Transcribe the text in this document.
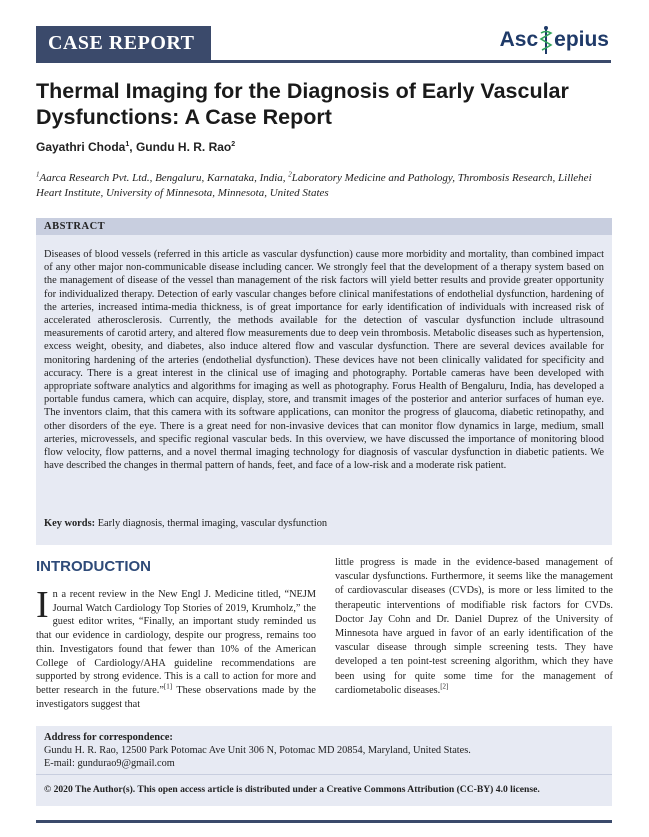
CASE REPORT	Asc epius
Thermal Imaging for the Diagnosis of Early Vascular Dysfunctions: A Case Report
Gayathri Choda$^1$, Gundu H. R. Rao$^2$
$^1$Aarca Research Pvt. Ltd., Bengaluru, Karnataka, India, $^2$Laboratory Medicine and Pathology, Thrombosis Research, Lillehei Heart Institute, University of Minnesota, Minnesota, United States
ABSTRACT
Diseases of blood vessels (referred in this article as vascular dysfunction) cause more morbidity and mortality, than combined impact of any other major non-communicable disease including cancer. We strongly feel that the development of a therapy system based on the management of disease of the vessel than management of the risk factors will yield better results and provide greater opportunity for individualized therapy. Detection of early vascular changes before clinical manifestations of endothelial dysfunction, hardening of the arteries, increased intima-media thickness, is of great importance for early identification of individuals with increased risk of accelerated atherosclerosis. Currently, the methods available for the detection of vascular dysfunction include ultrasound measurements of carotid artery, and altered flow measurements due to deep vein thrombosis. Metabolic diseases such as hypertension, excess weight, obesity, and diabetes, also induce altered flow and vascular dysfunction. There are several devices available for monitoring hardening of the arteries (endothelial dysfunction). These devices have not been clinically validated for specificity and accuracy. There is a great interest in the clinical use of imaging and photography. Portable cameras have been developed with appropriate software analytics and algorithms for imaging as well as photography. Forus Health of Bengaluru, India, has developed a portable fundus camera, which can acquire, display, store, and transmit images of the posterior and anterior surfaces of human eye. The inventors claim, that this camera with its software applications, can monitor the progress of glaucoma, diabetic retinopathy, and other disorders of the eye. There is a great need for non-invasive devices that can monitor flow dynamics in large, medium, small arteries, microvessels, and specific regional vascular beds. In this overview, we have discussed the importance of monitoring blood flow velocity, flow patterns, and a novel thermal imaging technology for diagnosis of vascular dysfunction in diabetic patients. We have described the changes in thermal pattern of hands, feet, and face of a low-risk and a moderate risk patient.
Key words: Early diagnosis, thermal imaging, vascular dysfunction
INTRODUCTION
In a recent review in the New Engl J. Medicine titled, “NEJM Journal Watch Cardiology Top Stories of 2019, Krumholz,” the guest editor writes, “Finally, an important study reminded us that our evidence in cardiology, despite our progress, remains too thin. Investigators found that fewer than 10% of the American College of Cardiology/AHA guideline recommendations are supported by strong evidence. This is a call to action for more and better research in the future.”[1] These observations made by the investigators suggest that
little progress is made in the evidence-based management of vascular dysfunctions. Furthermore, it seems like the management of cardiovascular diseases (CVDs), is more or less limited to the therapeutic interventions of modifiable risk factors for CVDs. Doctor Jay Cohn and Dr. Daniel Duprez of the University of Minnesota have argued in favor of an early identification of the vascular disease through simple screening tests. They have developed a ten point-test screening algorithm, which they have been using for quite some time for the management of cardiometabolic diseases.[2]
Address for correspondence:
Gundu H. R. Rao, 12500 Park Potomac Ave Unit 306 N, Potomac MD 20854, Maryland, United States.
E-mail: gundurao9@gmail.com
© 2020 The Author(s). This open access article is distributed under a Creative Commons Attribution (CC-BY) 4.0 license.
